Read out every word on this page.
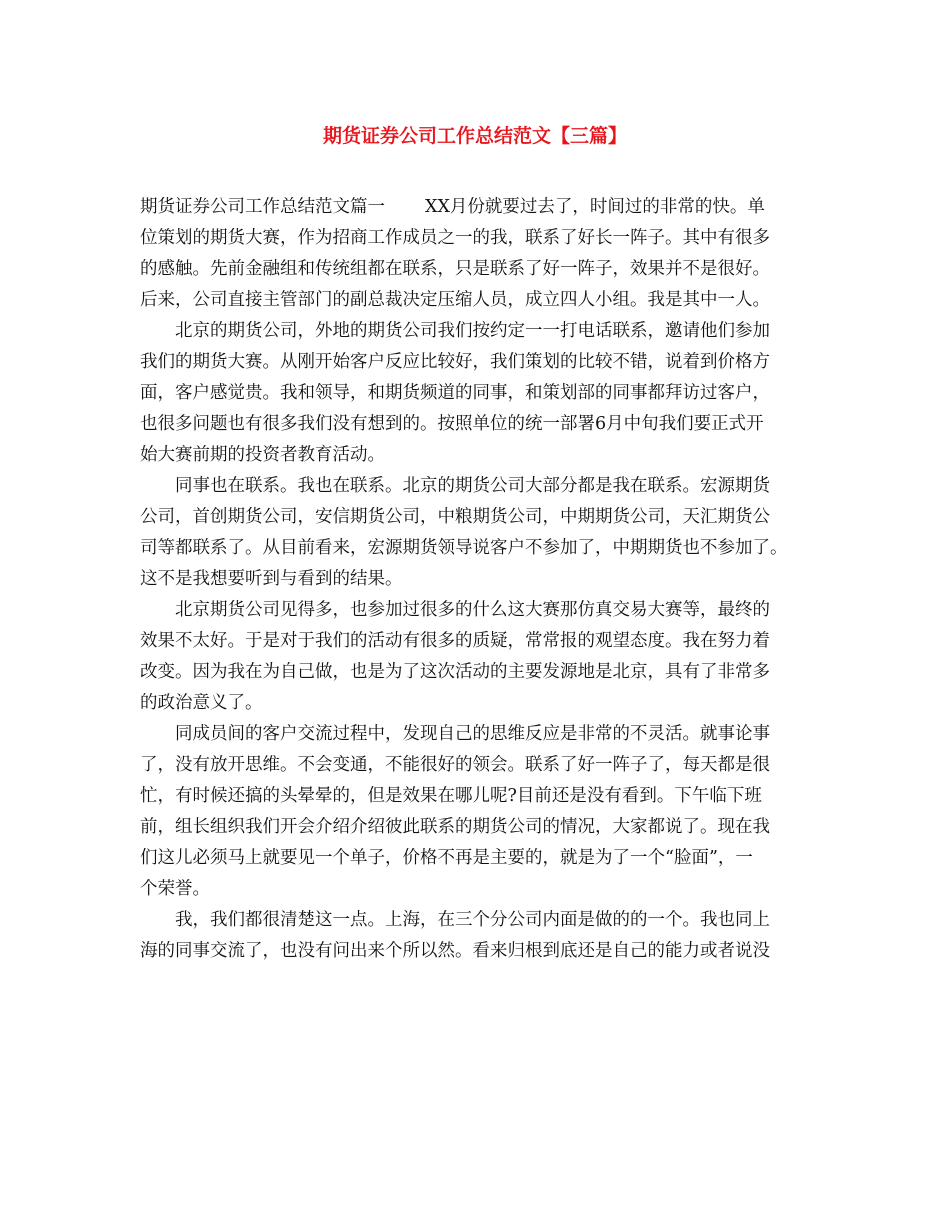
期货证券公司工作总结范文【三篇】

期货证券公司工作总结范文篇一 XX月份就要过去了，时间过的非常的快。单

位策划的期货大赛，作为招商工作成员之一的我，联系了好长一阵子。其中有很多

的感触。先前金融组和传统组都在联系，只是联系了好一阵子，效果并不是很好。

后来，公司直接主管部门的副总裁决定压缩人员，成立四人小组。我是其中一人。

　　北京的期货公司，外地的期货公司我们按约定一一打电话联系，邀请他们参加

我们的期货大赛。从刚开始客户反应比较好，我们策划的比较不错，说着到价格方

面，客户感觉贵。我和领导，和期货频道的同事，和策划部的同事都拜访过客户，

也很多问题也有很多我们没有想到的。按照单位的统一部署6月中旬我们要正式开

始大赛前期的投资者教育活动。

　　同事也在联系。我也在联系。北京的期货公司大部分都是我在联系。宏源期货

公司，首创期货公司，安信期货公司，中粮期货公司，中期期货公司，天汇期货公

司等都联系了。从目前看来，宏源期货领导说客户不参加了，中期期货也不参加了。

这不是我想要听到与看到的结果。

　　北京期货公司见得多，也参加过很多的什么这大赛那仿真交易大赛等，最终的

效果不太好。于是对于我们的活动有很多的质疑，常常报的观望态度。我在努力着

改变。因为我在为自己做，也是为了这次活动的主要发源地是北京，具有了非常多

的政治意义了。

　　同成员间的客户交流过程中，发现自己的思维反应是非常的不灵活。就事论事

了，没有放开思维。不会变通，不能很好的领会。联系了好一阵子了，每天都是很

忙，有时候还搞的头晕晕的，但是效果在哪儿呢?目前还是没有看到。下午临下班

前，组长组织我们开会介绍介绍彼此联系的期货公司的情况，大家都说了。现在我

们这儿必须马上就要见一个单子，价格不再是主要的，就是为了一个“脸面”，一

个荣誉。

　　我，我们都很清楚这一点。上海，在三个分公司内面是做的的一个。我也同上

海的同事交流了，也没有问出来个所以然。看来归根到底还是自己的能力或者说没
